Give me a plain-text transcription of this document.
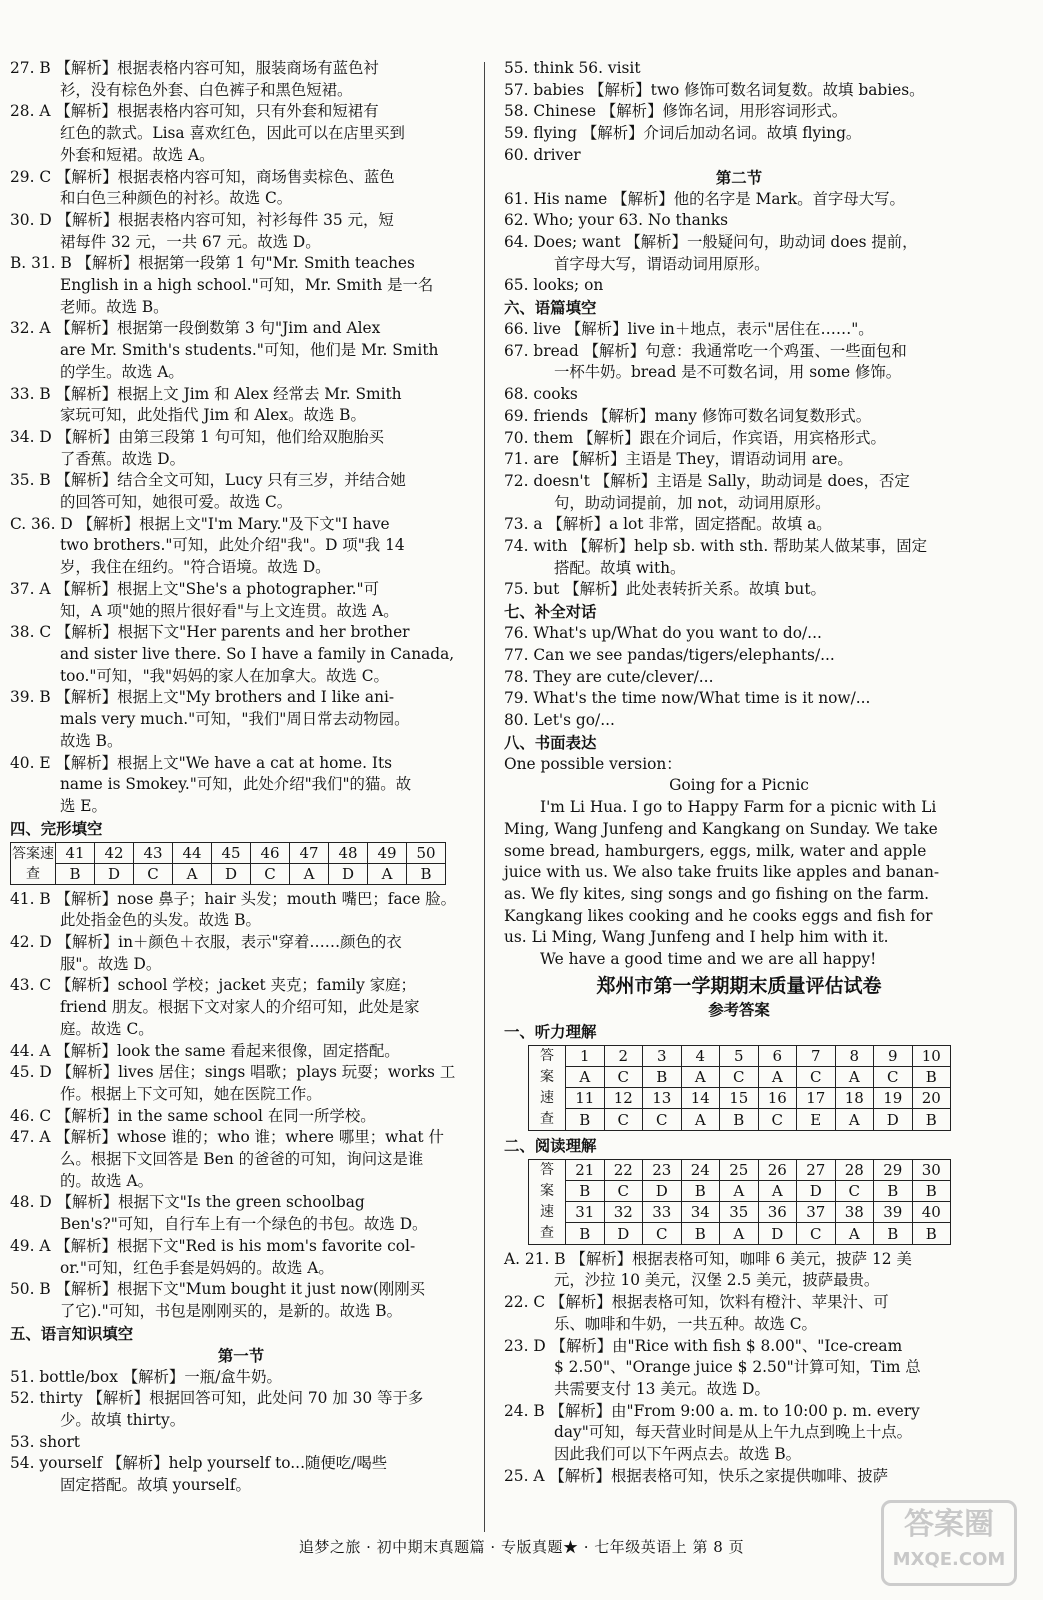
27. B 【解析】根据表格内容可知，服装商场有蓝色衬
衫，没有棕色外套、白色裤子和黑色短裙。
28. A 【解析】根据表格内容可知，只有外套和短裙有
红色的款式。Lisa 喜欢红色，因此可以在店里买到
外套和短裙。故选 A。
29. C 【解析】根据表格内容可知，商场售卖棕色、蓝色
和白色三种颜色的衬衫。故选 C。
30. D 【解析】根据表格内容可知，衬衫每件 35 元，短
裙每件 32 元，一共 67 元。故选 D。
B. 31. B 【解析】根据第一段第 1 句"Mr. Smith teaches
English in a high school."可知，Mr. Smith 是一名
老师。故选 B。
32. A 【解析】根据第一段倒数第 3 句"Jim and Alex
are Mr. Smith's students."可知，他们是 Mr. Smith
的学生。故选 A。
33. B 【解析】根据上文 Jim 和 Alex 经常去 Mr. Smith
家玩可知，此处指代 Jim 和 Alex。故选 B。
34. D 【解析】由第三段第 1 句可知，他们给双胞胎买
了香蕉。故选 D。
35. B 【解析】结合全文可知，Lucy 只有三岁，并结合她
的回答可知，她很可爱。故选 C。
C. 36. D 【解析】根据上文"I'm Mary."及下文"I have
two brothers."可知，此处介绍"我"。D 项"我 14
岁，我住在纽约。"符合语境。故选 D。
37. A 【解析】根据上文"She's a photographer."可
知，A 项"她的照片很好看"与上文连贯。故选 A。
38. C 【解析】根据下文"Her parents and her brother
and sister live there. So I have a family in Canada,
too."可知，"我"妈妈的家人在加拿大。故选 C。
39. B 【解析】根据上文"My brothers and I like ani-
mals very much."可知，"我们"周日常去动物园。
故选 B。
40. E 【解析】根据上文"We have a cat at home. Its
name is Smokey."可知，此处介绍"我们"的猫。故
选 E。
四、完形填空
答案速查	41	42	43	44	45	46	47	48	49	50
	B	D	C	A	D	C	A	D	A	B
41. B 【解析】nose 鼻子；hair 头发；mouth 嘴巴；face 脸。
此处指金色的头发。故选 B。
42. D 【解析】in＋颜色＋衣服，表示"穿着……颜色的衣
服"。故选 D。
43. C 【解析】school 学校；jacket 夹克；family 家庭；
friend 朋友。根据下文对家人的介绍可知，此处是家
庭。故选 C。
44. A 【解析】look the same 看起来很像，固定搭配。
45. D 【解析】lives 居住；sings 唱歌；plays 玩耍；works 工
作。根据上下文可知，她在医院工作。
46. C 【解析】in the same school 在同一所学校。
47. A 【解析】whose 谁的；who 谁；where 哪里；what 什
么。根据下文回答是 Ben 的爸爸的可知，询问这是谁
的。故选 A。
48. D 【解析】根据下文"Is the green schoolbag
Ben's?"可知，自行车上有一个绿色的书包。故选 D。
49. A 【解析】根据下文"Red is his mom's favorite col-
or."可知，红色手套是妈妈的。故选 A。
50. B 【解析】根据下文"Mum bought it just now(刚刚买
了它)."可知，书包是刚刚买的，是新的。故选 B。
五、语言知识填空
第一节
51. bottle/box 【解析】一瓶/盒牛奶。
52. thirty 【解析】根据回答可知，此处问 70 加 30 等于多
少。故填 thirty。
53. short
54. yourself 【解析】help yourself to...随便吃/喝些
固定搭配。故填 yourself。
55. think 56. visit
57. babies 【解析】two 修饰可数名词复数。故填 babies。
58. Chinese 【解析】修饰名词，用形容词形式。
59. flying 【解析】介词后加动名词。故填 flying。
60. driver
第二节
61. His name 【解析】他的名字是 Mark。首字母大写。
62. Who; your 63. No thanks
64. Does; want 【解析】一般疑问句，助动词 does 提前，
首字母大写，谓语动词用原形。
65. looks; on
六、语篇填空
66. live 【解析】live in＋地点，表示"居住在……"。
67. bread 【解析】句意：我通常吃一个鸡蛋、一些面包和
一杯牛奶。bread 是不可数名词，用 some 修饰。
68. cooks
69. friends 【解析】many 修饰可数名词复数形式。
70. them 【解析】跟在介词后，作宾语，用宾格形式。
71. are 【解析】主语是 They，谓语动词用 are。
72. doesn't 【解析】主语是 Sally，助动词是 does，否定
句，助动词提前，加 not，动词用原形。
73. a 【解析】a lot 非常，固定搭配。故填 a。
74. with 【解析】help sb. with sth. 帮助某人做某事，固定
搭配。故填 with。
75. but 【解析】此处表转折关系。故填 but。
七、补全对话
76. What's up/What do you want to do/...
77. Can we see pandas/tigers/elephants/...
78. They are cute/clever/...
79. What's the time now/What time is it now/...
80. Let's go/...
八、书面表达
One possible version：
Going for a Picnic
I'm Li Hua. I go to Happy Farm for a picnic with Li
Ming, Wang Junfeng and Kangkang on Sunday. We take
some bread, hamburgers, eggs, milk, water and apple
juice with us. We also take fruits like apples and banan-
as. We fly kites, sing songs and go fishing on the farm.
Kangkang likes cooking and he cooks eggs and fish for
us. Li Ming, Wang Junfeng and I help him with it.
We have a good time and we are all happy!
郑州市第一学期期末质量评估试卷
参考答案
一、听力理解
答
案
速
查	1	2	3	4	5	6	7	8	9	10
	A	C	B	A	C	A	C	A	C	B
	11	12	13	14	15	16	17	18	19	20
	B	C	C	A	B	C	E	A	D	B
二、阅读理解
答
案
速
查	21	22	23	24	25	26	27	28	29	30
	B	C	D	B	A	A	D	C	B	B
	31	32	33	34	35	36	37	38	39	40
	B	D	C	B	A	D	C	A	B	B
A. 21. B 【解析】根据表格可知，咖啡 6 美元，披萨 12 美
元，沙拉 10 美元，汉堡 2.5 美元，披萨最贵。
22. C 【解析】根据表格可知，饮料有橙汁、苹果汁、可
乐、咖啡和牛奶，一共五种。故选 C。
23. D 【解析】由"Rice with fish $ 8.00"、"Ice-cream
$ 2.50"、"Orange juice $ 2.50"计算可知，Tim 总
共需要支付 13 美元。故选 D。
24. B 【解析】由"From 9:00 a. m. to 10:00 p. m. every
day"可知，每天营业时间是从上午九点到晚上十点。
因此我们可以下午两点去。故选 B。
25. A 【解析】根据表格可知，快乐之家提供咖啡、披萨
追梦之旅 · 初中期末真题篇 · 专版真题★ · 七年级英语上 第 8 页
答案圈
MXQE.COM
